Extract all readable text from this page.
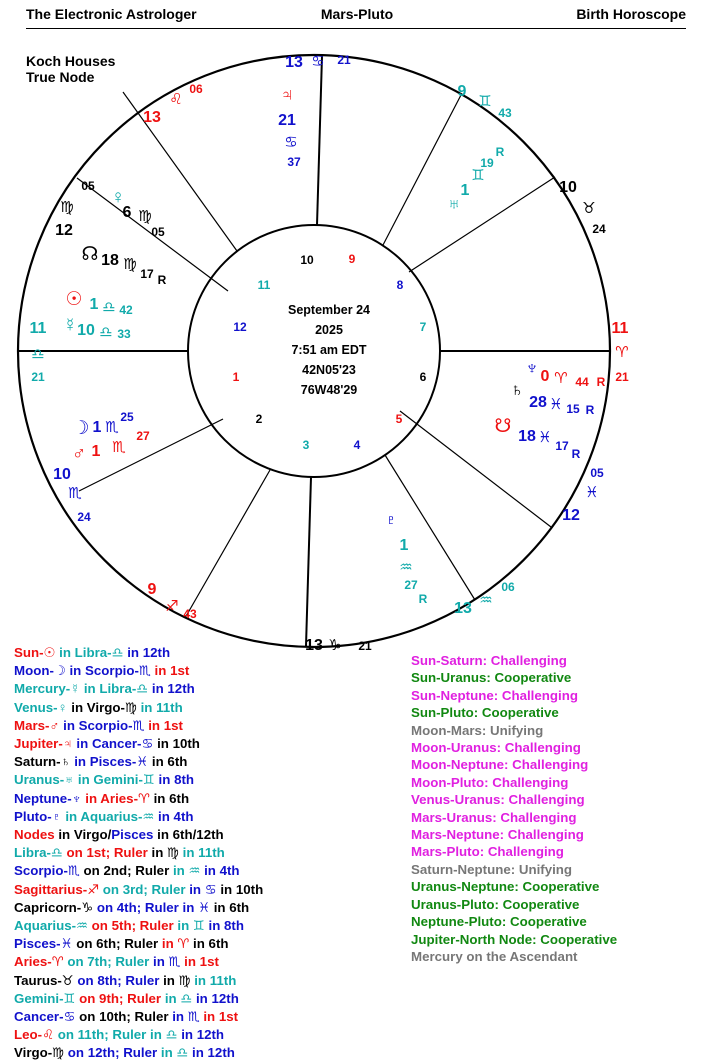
The Electronic Astrologer	Mars-Pluto	Birth Horoscope
Koch Houses
True Node
September 24
2025
7:51 am EDT
42N05'23
76W48'29
1
2
3	4
5
6
7
8
9
10
11
12
11
♎
21
12
♍
05
13
♌
06
13 ♋ 21
9
♊
43
10
♉
24
11
♈
21
12
♓
05
13 ♒
06
13 ♑ 21
9
♐ 43
10
♏
24
♃
21
♋
37
♅
1
♊
19
R
♀
6 ♍
05
☊ 18 ♍
17 R
☉ 1 ♎ 42
☿ 10 ♎ 33
♆ 0 ♈ 44 R
♄
28 ♓ 15 R
☋ 18 ♓ 17
R
☽ 1 ♏
25
♂ 1 ♏
27
♇
1
♒
27
R
Sun-☉ in Libra-♎ in 12th
Moon-☽ in Scorpio-♏ in 1st
Mercury-☿ in Libra-♎ in 12th
Venus-♀ in Virgo-♍ in 11th
Mars-♂ in Scorpio-♏ in 1st
Jupiter-♃ in Cancer-♋ in 10th
Saturn-♄ in Pisces-♓ in 6th
Uranus-♅ in Gemini-♊ in 8th
Neptune-♆ in Aries-♈ in 6th
Pluto-♇ in Aquarius-♒ in 4th
Nodes in Virgo/Pisces in 6th/12th
Libra-♎ on 1st; Ruler in ♍ in 11th
Scorpio-♏ on 2nd; Ruler in ♒ in 4th
Sagittarius-♐ on 3rd; Ruler in ♋ in 10th
Capricorn-♑ on 4th; Ruler in ♓ in 6th
Aquarius-♒ on 5th; Ruler in ♊ in 8th
Pisces-♓ on 6th; Ruler in ♈ in 6th
Aries-♈ on 7th; Ruler in ♏ in 1st
Taurus-♉ on 8th; Ruler in ♍ in 11th
Gemini-♊ on 9th; Ruler in ♎ in 12th
Cancer-♋ on 10th; Ruler in ♏ in 1st
Leo-♌ on 11th; Ruler in ♎ in 12th
Virgo-♍ on 12th; Ruler in ♎ in 12th
Sun-Saturn: Challenging
Sun-Uranus: Cooperative
Sun-Neptune: Challenging
Sun-Pluto: Cooperative
Moon-Mars: Unifying
Moon-Uranus: Challenging
Moon-Neptune: Challenging
Moon-Pluto: Challenging
Venus-Uranus: Challenging
Mars-Uranus: Challenging
Mars-Neptune: Challenging
Mars-Pluto: Challenging
Saturn-Neptune: Unifying
Uranus-Neptune: Cooperative
Uranus-Pluto: Cooperative
Neptune-Pluto: Cooperative
Jupiter-North Node: Cooperative
Mercury on the Ascendant
